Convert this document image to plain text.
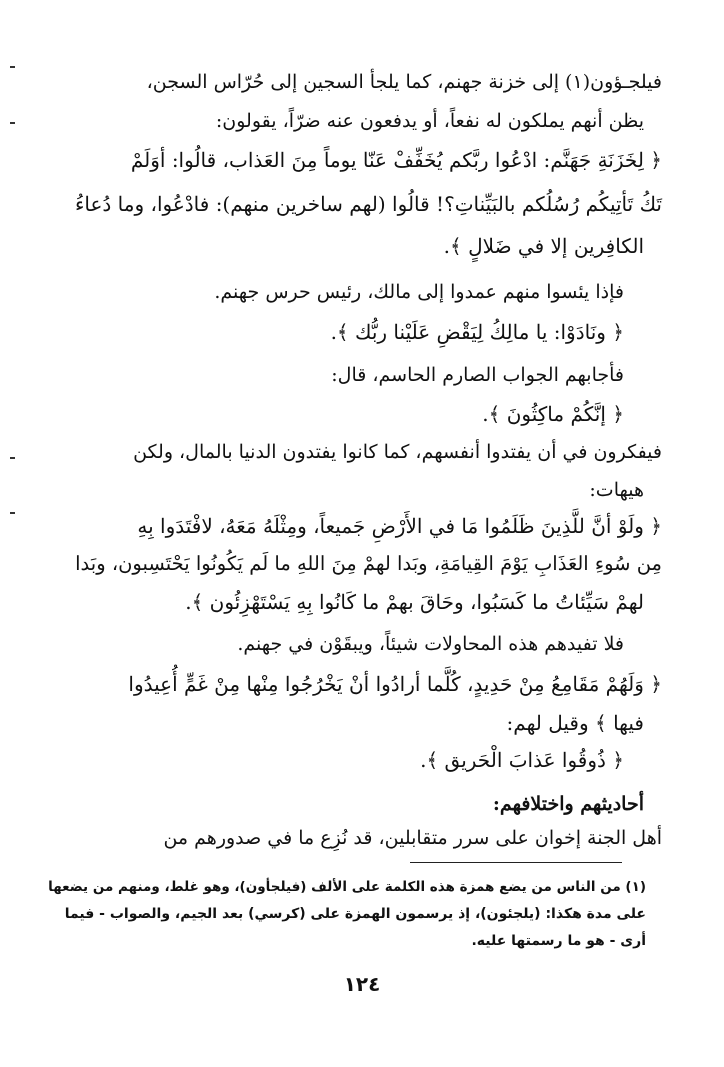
فيلجـؤون(١) إلى خزنة جهنم، كما يلجأ السجين إلى حُرّاس السجن،
يظن أنهم يملكون له نفعاً، أو يدفعون عنه ضرّاً، يقولون:
﴿ لِخَزَنَةِ جَهَنَّم: ادْعُوا ربَّكم يُخَفِّفْ عَنّا يوماً مِنَ العَذاب، قالُوا: أوَلَمْ
تَكُ تَأتِيكُم رُسُلُكم بالبَيِّناتِ؟! قالُوا (لهم ساخرين منهم): فادْعُوا، وما دُعاءُ
الكافِرين إلا في ضَلالٍ ﴾.
فإذا يئسوا منهم عمدوا إلى مالك، رئيس حرس جهنم.
﴿ ونَادَوْا: يا مالِكُ لِيَقْضِ عَلَيْنا ربُّك ﴾.
فأجابهم الجواب الصارم الحاسم، قال:
﴿ إنَّكُمْ ماكِثُونَ ﴾.
فيفكرون في أن يفتدوا أنفسهم، كما كانوا يفتدون الدنيا بالمال، ولكن
هيهات:
﴿ ولَوْ أنَّ للَّذِينَ ظَلَمُوا مَا في الأَرْضِ جَميعاً، ومِثْلَهُ مَعَهُ، لافْتَدَوا بِهِ
مِن سُوءِ العَذَابِ يَوْمَ القِيامَةِ، وبَدا لهمْ مِنَ اللهِ ما لَم يَكُونُوا يَحْتَسِبون، وبَدا
لهمْ سَيِّئاتُ ما كَسَبُوا، وحَاقَ بهمْ ما كَانُوا بِهِ يَسْتَهْزِئُون ﴾.
فلا تفيدهم هذه المحاولات شيئاً، ويبقَوْن في جهنم.
﴿ وَلَهُمْ مَقَامِعُ مِنْ حَدِيدٍ، كُلَّما أرادُوا أنْ يَخْرُجُوا مِنْها مِنْ غَمٍّ أُعِيدُوا
فيها ﴾ وقيل لهم:
﴿ ذُوقُوا عَذابَ الْحَريق ﴾.
أحاديثهم واختلافهم:
أهل الجنة إخوان على سرر متقابلين، قد نُزِع ما في صدورهم من
(١) من الناس من يضع همزة هذه الكلمة على الألف (فيلجأون)، وهو غلط، ومنهم من يضعها
على مدة هكذا: (يلجئون)، إذ يرسمون الهمزة على (كرسي) بعد الجيم، والصواب - فيما
أرى - هو ما رسمتها عليه.
١٢٤
